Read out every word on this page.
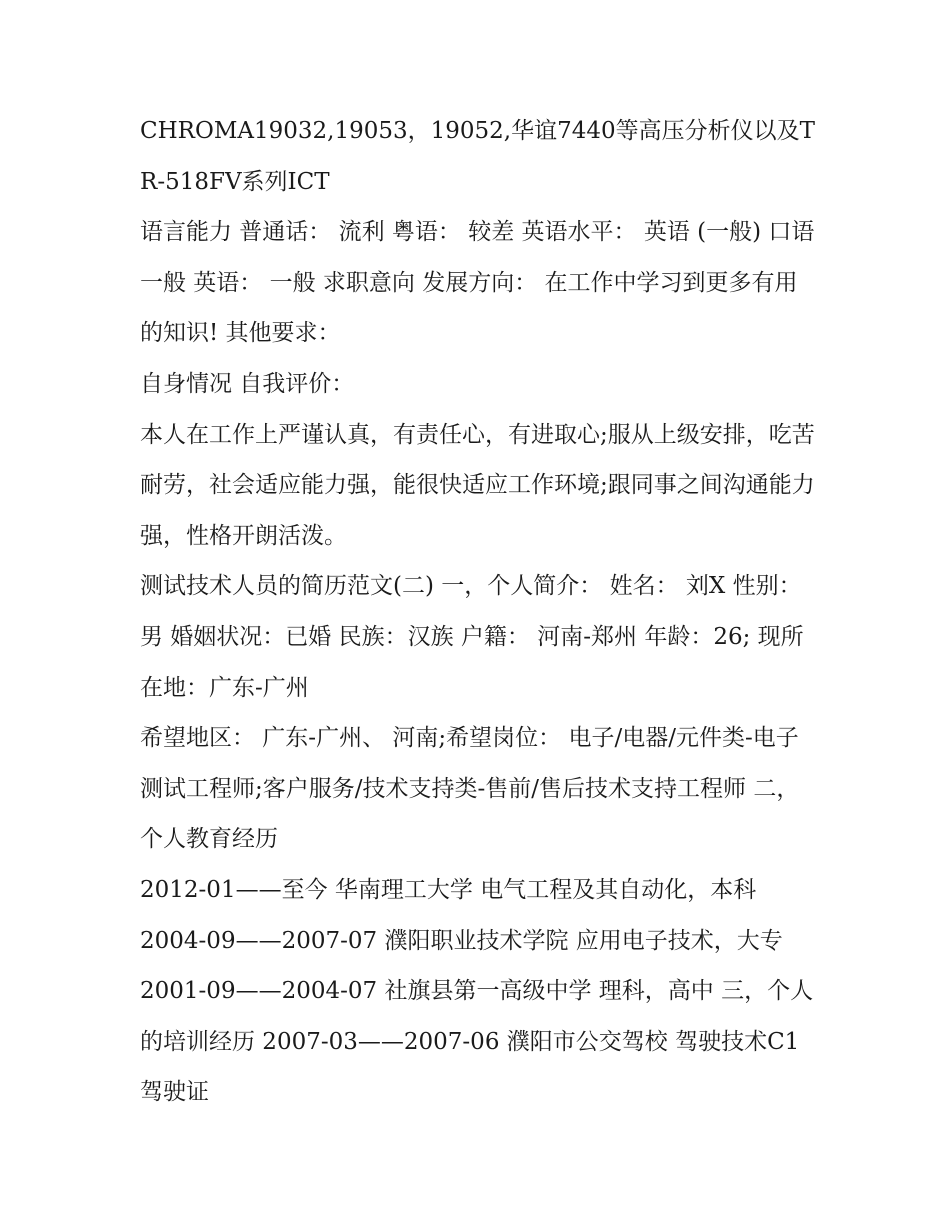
CHROMA19032,19053，19052,华谊7440等高压分析仪以及TR-518FV系列ICT

语言能力 普通话： 流利 粤语： 较差 英语水平： 英语 (一般) 口语一般 英语： 一般 求职意向 发展方向： 在工作中学习到更多有用的知识! 其他要求：

自身情况 自我评价：

本人在工作上严谨认真，有责任心，有进取心;服从上级安排，吃苦耐劳，社会适应能力强，能很快适应工作环境;跟同事之间沟通能力强，性格开朗活泼。

测试技术人员的简历范文(二) 一，个人简介： 姓名： 刘X 性别：男 婚姻状况：已婚 民族：汉族 户籍： 河南-郑州 年龄：26; 现所在地：广东-广州

希望地区： 广东-广州、 河南;希望岗位： 电子/电器/元件类-电子测试工程师;客户服务/技术支持类-售前/售后技术支持工程师 二，个人教育经历

2012-01——至今 华南理工大学 电气工程及其自动化，本科

2004-09——2007-07 濮阳职业技术学院 应用电子技术，大专

2001-09——2004-07 社旗县第一高级中学 理科，高中 三，个人的培训经历 2007-03——2007-06 濮阳市公交驾校 驾驶技术C1驾驶证
